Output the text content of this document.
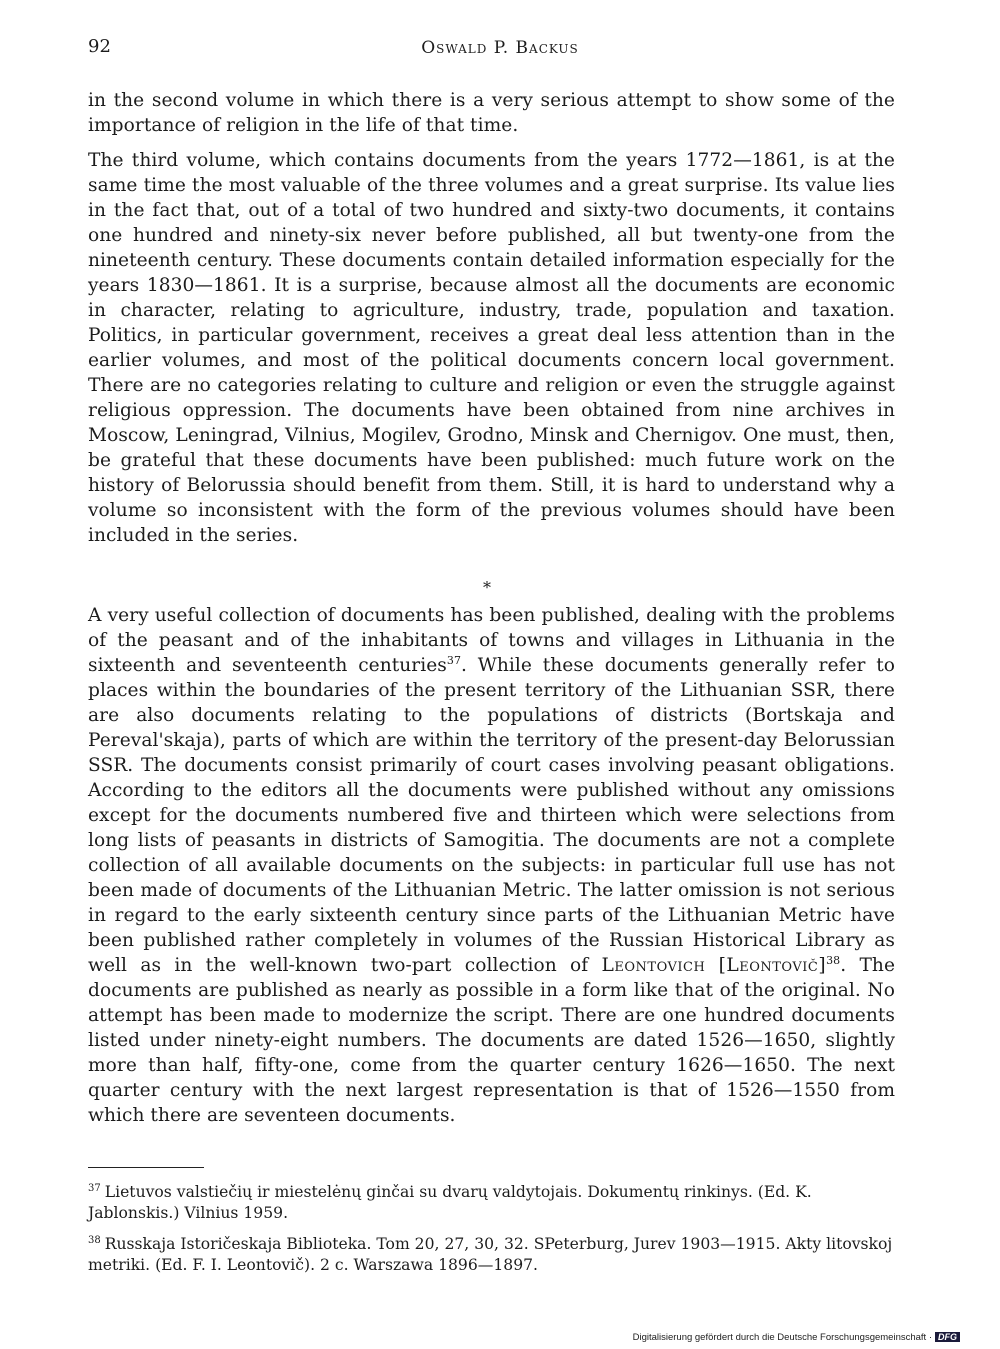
92	Oswald P. Backus

in the second volume in which there is a very serious attempt to show some of the importance of religion in the life of that time.

The third volume, which contains documents from the years 1772—1861, is at the same time the most valuable of the three volumes and a great surprise. Its value lies in the fact that, out of a total of two hundred and sixty-two documents, it contains one hundred and ninety-six never before published, all but twenty-one from the nineteenth century. These documents contain detailed information especially for the years 1830—1861. It is a surprise, because almost all the documents are economic in character, relating to agriculture, industry, trade, population and taxation. Politics, in particular government, receives a great deal less attention than in the earlier volumes, and most of the political documents concern local government. There are no categories relating to culture and religion or even the struggle against religious oppression. The documents have been obtained from nine archives in Moscow, Leningrad, Vilnius, Mogilev, Grodno, Minsk and Chernigov. One must, then, be grateful that these documents have been published: much future work on the history of Belorussia should benefit from them. Still, it is hard to understand why a volume so inconsistent with the form of the previous volumes should have been included in the series.

*

A very useful collection of documents has been published, dealing with the problems of the peasant and of the inhabitants of towns and villages in Lithuania in the sixteenth and seventeenth centuries$^{37}$. While these documents generally refer to places within the boundaries of the present territory of the Lithuanian SSR, there are also documents relating to the populations of districts (Bortskaja and Pereval'skaja), parts of which are within the territory of the present-day Belorussian SSR. The documents consist primarily of court cases involving peasant obligations. According to the editors all the documents were published without any omissions except for the documents numbered five and thirteen which were selections from long lists of peasants in districts of Samogitia. The documents are not a complete collection of all available documents on the subjects: in particular full use has not been made of documents of the Lithuanian Metric. The latter omission is not serious in regard to the early sixteenth century since parts of the Lithuanian Metric have been published rather completely in volumes of the Russian Historical Library as well as in the well-known two-part collection of Leontovich [Leontovič]$^{38}$. The documents are published as nearly as possible in a form like that of the original. No attempt has been made to modernize the script. There are one hundred documents listed under ninety-eight numbers. The documents are dated 1526—1650, slightly more than half, fifty-one, come from the quarter century 1626—1650. The next quarter century with the next largest representation is that of 1526—1550 from which there are seventeen documents.

$^{37}$ Lietuvos valstiečių ir miestelėnų ginčai su dvarų valdytojais. Dokumentų rinkinys. (Ed. K. Jablonskis.) Vilnius 1959.
$^{38}$ Russkaja Istoričeskaja Biblioteka. Tom 20, 27, 30, 32. SPeterburg, Jurev 1903—1915. Akty litovskoj metriki. (Ed. F. I. Leontovič). 2 c. Warszawa 1896—1897.
Digitalisierung gefördert durch die Deutsche Forschungsgemeinschaft · DFG
